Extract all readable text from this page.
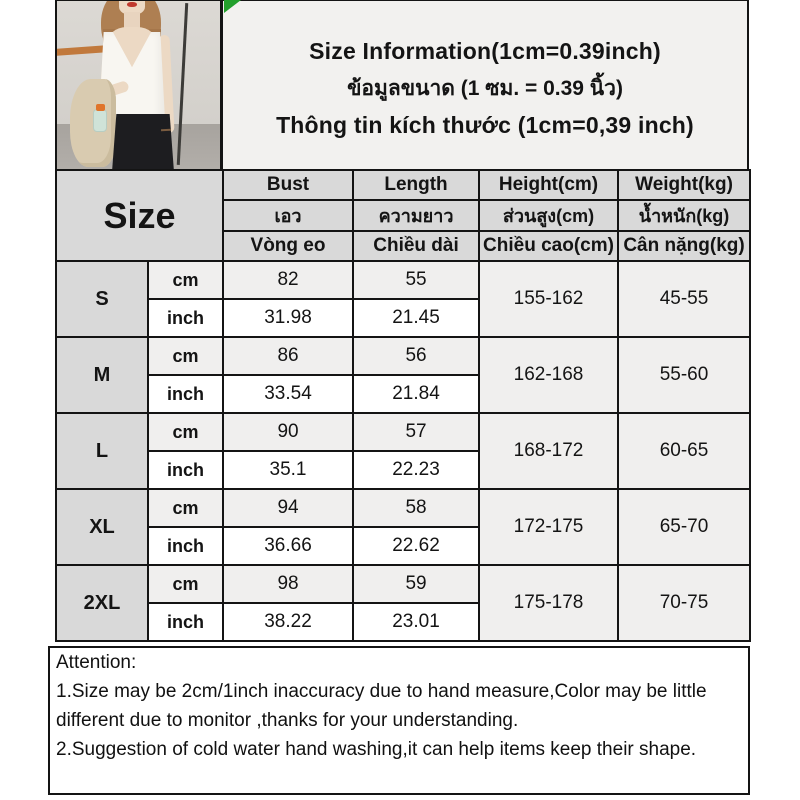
Size Information(1cm=0.39inch)
ข้อมูลขนาด (1 ซม. = 0.39 นิ้ว)
Thông tin kích thước (1cm=0,39 inch)
Size		Bust	Length	Height(cm)	Weight(kg)
		เอว	ความยาว	ส่วนสูง(cm)	น้ำหนัก(kg)
		Vòng eo	Chiều dài	Chiều cao(cm)	Cân nặng(kg)
S	cm	82	55	155-162	45-55
	inch	31.98	21.45		
M	cm	86	56	162-168	55-60
	inch	33.54	21.84		
L	cm	90	57	168-172	60-65
	inch	35.1	22.23		
XL	cm	94	58	172-175	65-70
	inch	36.66	22.62		
2XL	cm	98	59	175-178	70-75
	inch	38.22	23.01		
Attention:
1.Size may be 2cm/1inch inaccuracy due to hand measure,Color may be little different due to monitor ,thanks for your understanding.
2.Suggestion of cold water hand washing,it can help items keep their shape.
